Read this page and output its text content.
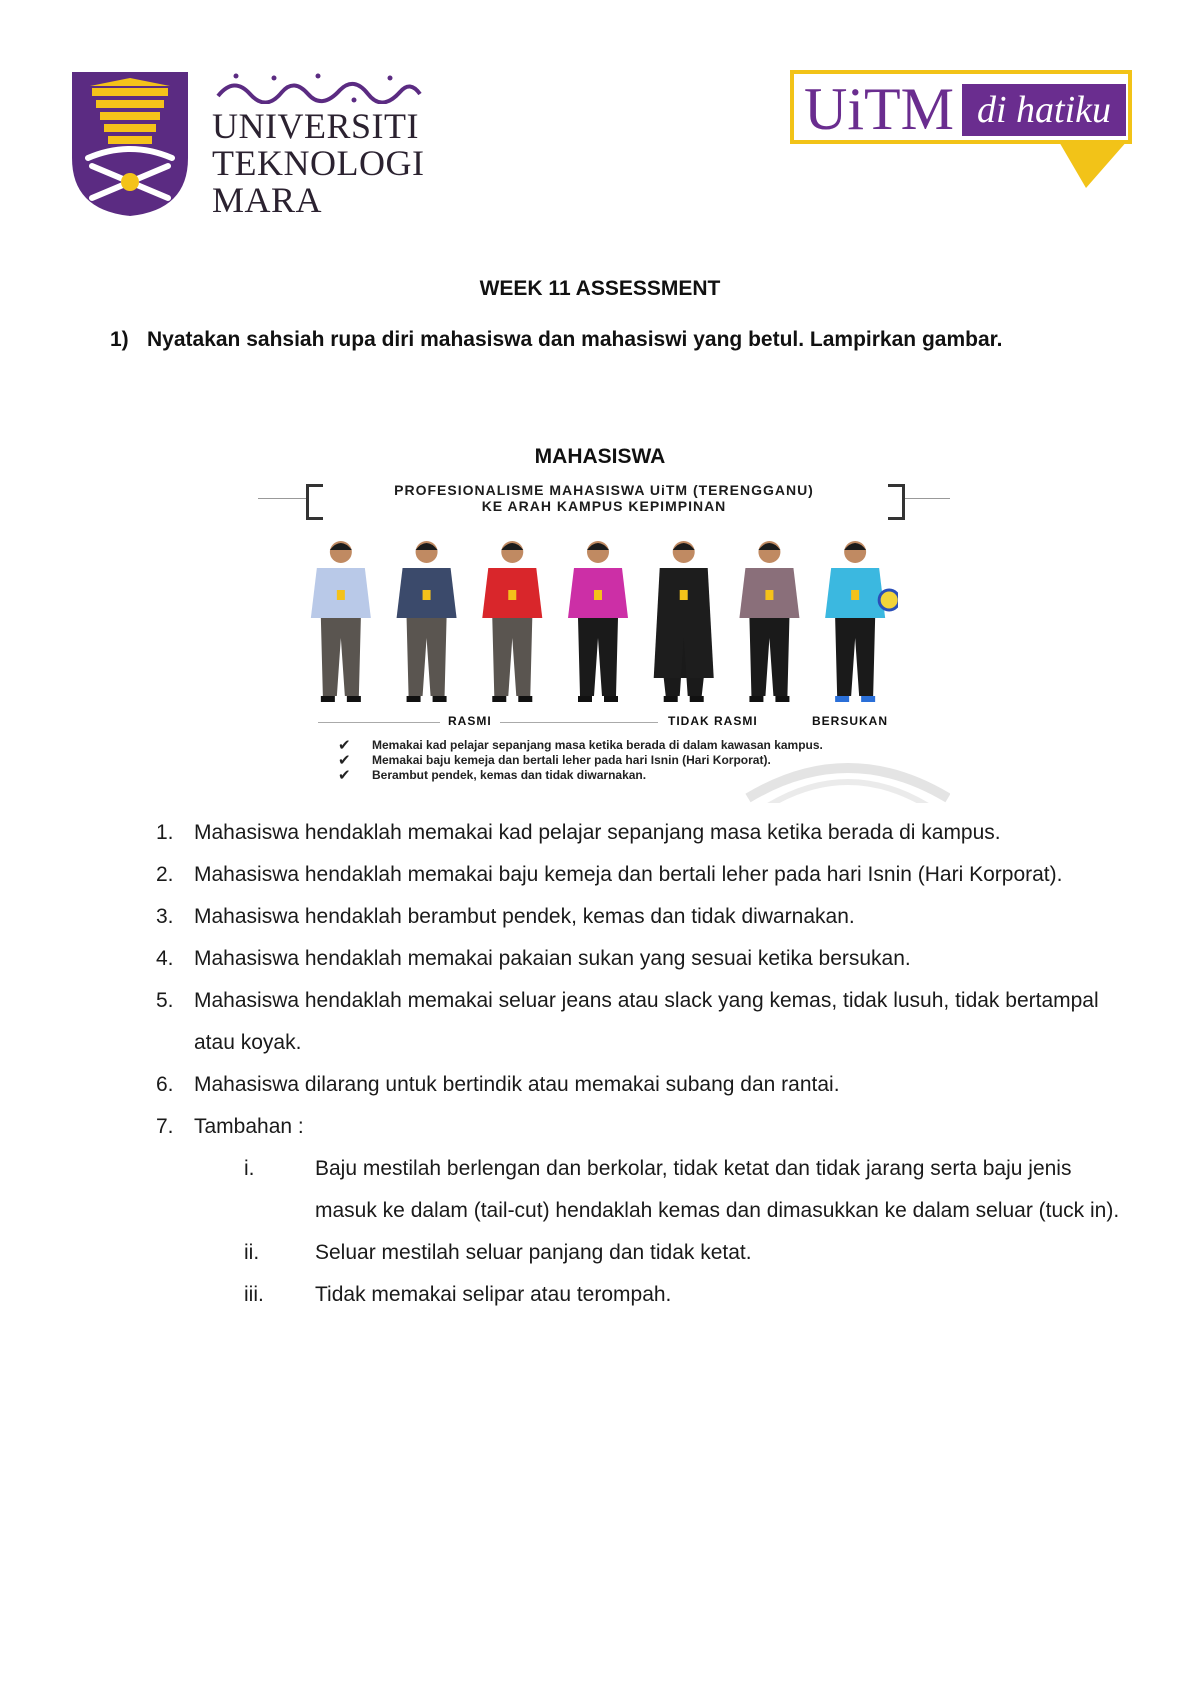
UNIVERSITI
TEKNOLOGI
MARA
UiTM di hatiku
WEEK 11 ASSESSMENT
1) Nyatakan sahsiah rupa diri mahasiswa dan mahasiswi yang betul. Lampirkan gambar.
MAHASISWA
PROFESIONALISME MAHASISWA UiTM (TERENGGANU)
KE ARAH KAMPUS KEPIMPINAN
RASMI	TIDAK RASMI	BERSUKAN
✔ Memakai kad pelajar sepanjang masa ketika berada di dalam kawasan kampus.
✔ Memakai baju kemeja dan bertali leher pada hari Isnin (Hari Korporat).
✔ Berambut pendek, kemas dan tidak diwarnakan.
1. Mahasiswa hendaklah memakai kad pelajar sepanjang masa ketika berada di kampus.
2. Mahasiswa hendaklah memakai baju kemeja dan bertali leher pada hari Isnin (Hari Korporat).
3. Mahasiswa hendaklah berambut pendek, kemas dan tidak diwarnakan.
4. Mahasiswa hendaklah memakai pakaian sukan yang sesuai ketika bersukan.
5. Mahasiswa hendaklah memakai seluar jeans atau slack yang kemas, tidak lusuh, tidak bertampal atau koyak.
6. Mahasiswa dilarang untuk bertindik atau memakai subang dan rantai.
7. Tambahan :
i.	Baju mestilah berlengan dan berkolar, tidak ketat dan tidak jarang serta baju jenis masuk ke dalam (tail-cut) hendaklah kemas dan dimasukkan ke dalam seluar (tuck in).
ii.	Seluar mestilah seluar panjang dan tidak ketat.
iii. Tidak memakai selipar atau terompah.
